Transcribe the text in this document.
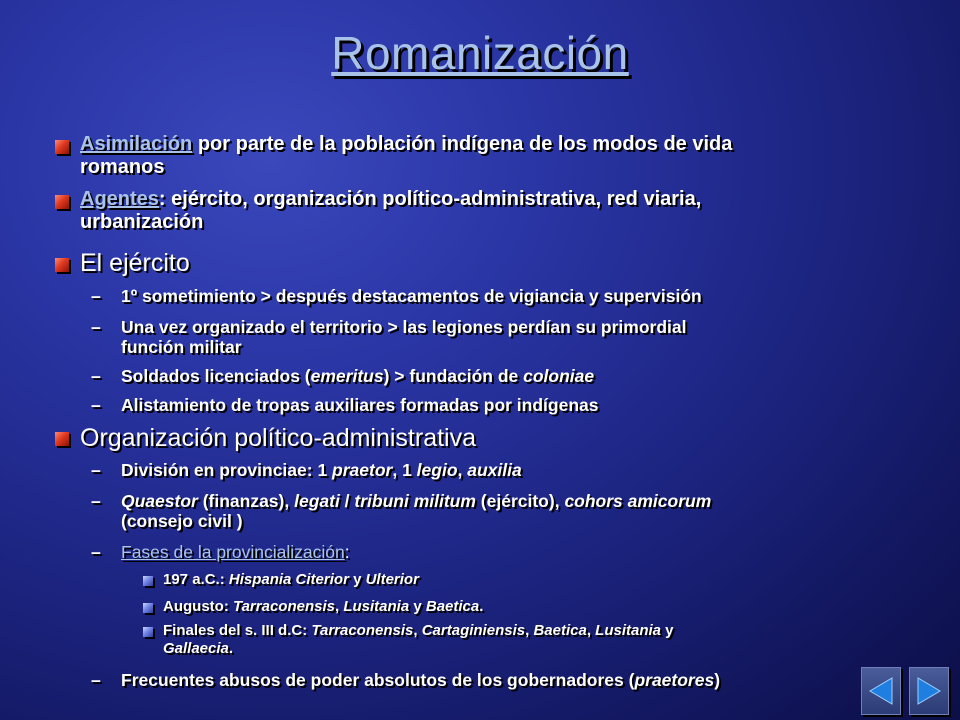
Romanización
Asimilación por parte de la población indígena de los modos de vida
romanos
Agentes: ejército, organización político-administrativa, red viaria,
urbanización
El ejército
– 1º sometimiento > después destacamentos de vigiancia y supervisión
– Una vez organizado el territorio > las legiones perdían su primordial
función militar
– Soldados licenciados (emeritus) > fundación de coloniae
– Alistamiento de tropas auxiliares formadas por indígenas
Organización político-administrativa
– División en provinciae: 1 praetor, 1 legio, auxilia
– Quaestor (finanzas), legati / tribuni militum (ejército), cohors amicorum
(consejo civil )
– Fases de la provincialización:
197 a.C.: Hispania Citerior y Ulterior
Augusto: Tarraconensis, Lusitania y Baetica.
Finales del s. III d.C: Tarraconensis, Cartaginiensis, Baetica, Lusitania y
Gallaecia.
– Frecuentes abusos de poder absolutos de los gobernadores (praetores)
